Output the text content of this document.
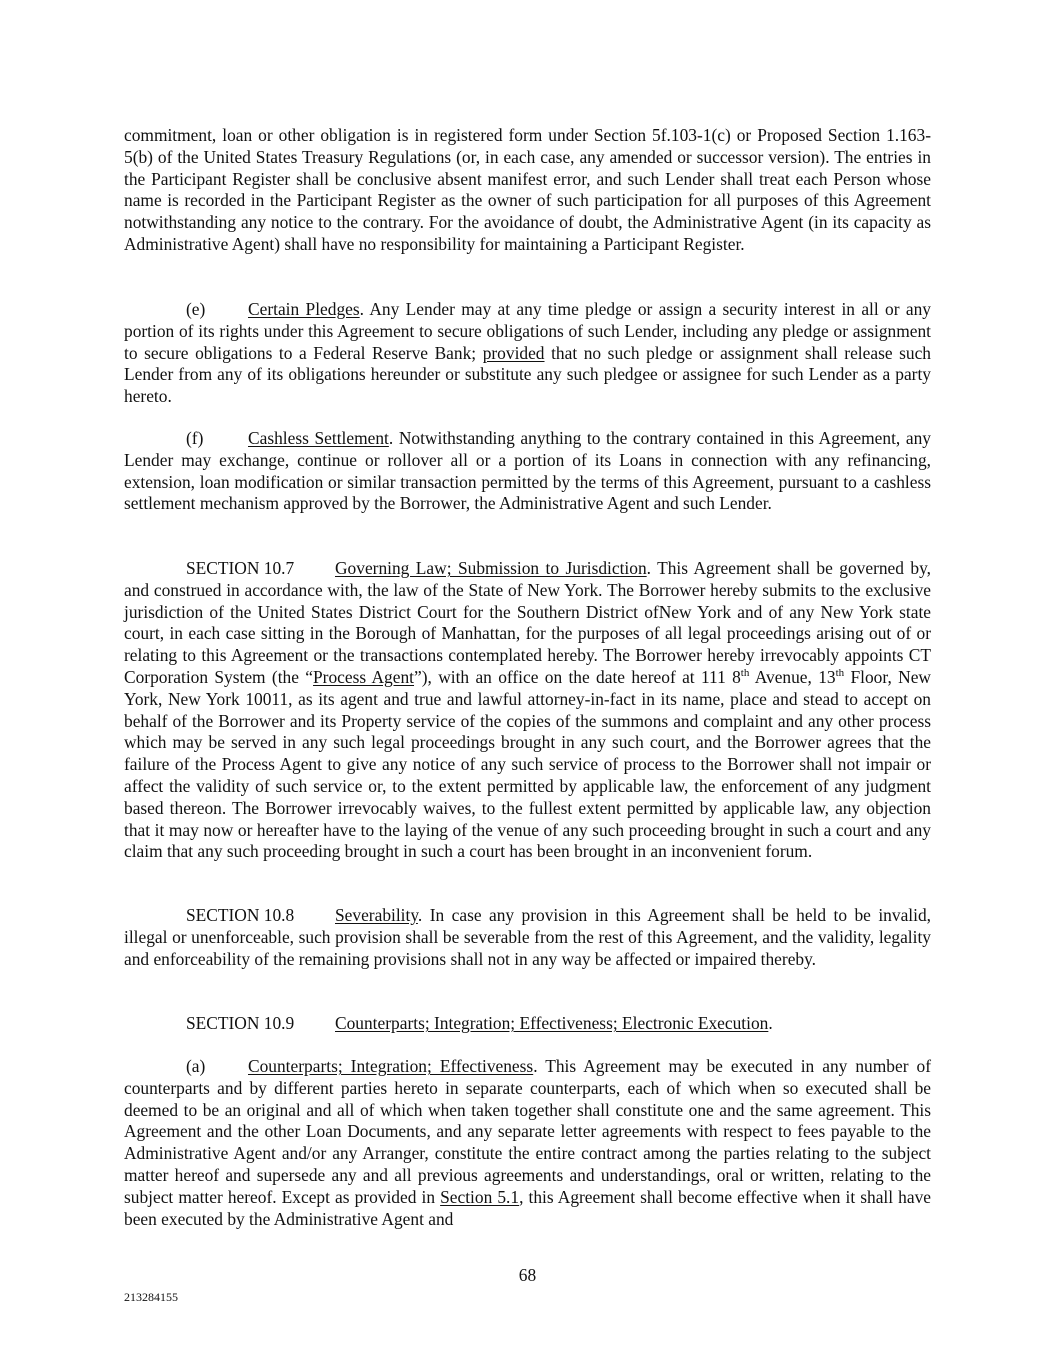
commitment, loan or other obligation is in registered form under Section 5f.103-1(c) or Proposed Section 1.163-5(b) of the United States Treasury Regulations (or, in each case, any amended or successor version). The entries in the Participant Register shall be conclusive absent manifest error, and such Lender shall treat each Person whose name is recorded in the Participant Register as the owner of such participation for all purposes of this Agreement notwithstanding any notice to the contrary. For the avoidance of doubt, the Administrative Agent (in its capacity as Administrative Agent) shall have no responsibility for maintaining a Participant Register.

(e) Certain Pledges. Any Lender may at any time pledge or assign a security interest in all or any portion of its rights under this Agreement to secure obligations of such Lender, including any pledge or assignment to secure obligations to a Federal Reserve Bank; provided that no such pledge or assignment shall release such Lender from any of its obligations hereunder or substitute any such pledgee or assignee for such Lender as a party hereto.

(f)	Cashless Settlement. Notwithstanding anything to the contrary contained in this Agreement, any Lender may exchange, continue or rollover all or a portion of its Loans in connection with any refinancing, extension, loan modification or similar transaction permitted by the terms of this Agreement, pursuant to a cashless settlement mechanism approved by the Borrower, the Administrative Agent and such Lender.

SECTION 10.7 Governing Law; Submission to Jurisdiction. This Agreement shall be governed by, and construed in accordance with, the law of the State of New York. The Borrower hereby submits to the exclusive jurisdiction of the United States District Court for the Southern District ofNew York and of any New York state court, in each case sitting in the Borough of Manhattan, for the purposes of all legal proceedings arising out of or relating to this Agreement or the transactions contemplated hereby. The Borrower hereby irrevocably appoints CT Corporation System (the “Process Agent”), with an office on the date hereof at 111 8th Avenue, 13th Floor, New York, New York 10011, as its agent and true and lawful attorney-in-fact in its name, place and stead to accept on behalf of the Borrower and its Property service of the copies of the summons and complaint and any other process which may be served in any such legal proceedings brought in any such court, and the Borrower agrees that the failure of the Process Agent to give any notice of any such service of process to the Borrower shall not impair or affect the validity of such service or, to the extent permitted by applicable law, the enforcement of any judgment based thereon. The Borrower irrevocably waives, to the fullest extent permitted by applicable law, any objection that it may now or hereafter have to the laying of the venue of any such proceeding brought in such a court and any claim that any such proceeding brought in such a court has been brought in an inconvenient forum.

SECTION 10.8 Severability. In case any provision in this Agreement shall be held to be invalid, illegal or unenforceable, such provision shall be severable from the rest of this Agreement, and the validity, legality and enforceability of the remaining provisions shall not in any way be affected or impaired thereby.

SECTION 10.9 Counterparts; Integration; Effectiveness; Electronic Execution.

(a) Counterparts; Integration; Effectiveness. This Agreement may be executed in any number of counterparts and by different parties hereto in separate counterparts, each of which when so executed shall be deemed to be an original and all of which when taken together shall constitute one and the same agreement. This Agreement and the other Loan Documents, and any separate letter agreements with respect to fees payable to the Administrative Agent and/or any Arranger, constitute the entire contract among the parties relating to the subject matter hereof and supersede any and all previous agreements and understandings, oral or written, relating to the subject matter hereof. Except as provided in Section 5.1, this Agreement shall become effective when it shall have been executed by the Administrative Agent and

68
213284155
